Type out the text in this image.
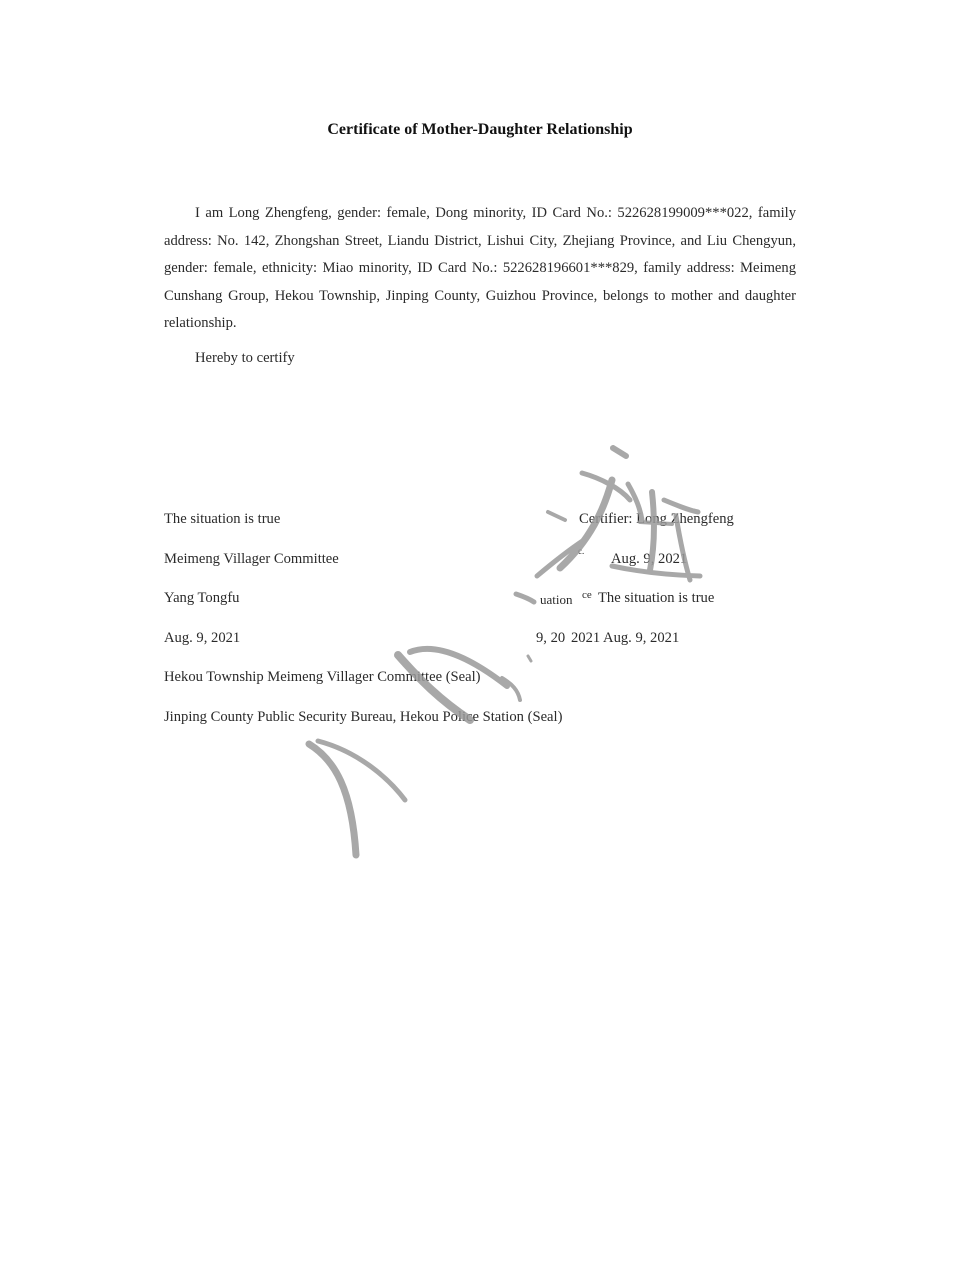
Certificate of Mother-Daughter Relationship

I am Long Zhengfeng, gender: female, Dong minority, ID Card No.: 522628199009***022, family address: No. 142, Zhongshan Street, Liandu District, Lishui City, Zhejiang Province, and Liu Chengyun, gender: female, ethnicity: Miao minority, ID Card No.: 522628196601***829, family address: Meimeng Cunshang Group, Hekou Township, Jinping County, Guizhou Province, belongs to mother and daughter relationship.

Hereby to certify
The situation is true
Meimeng Villager Committee
Yang Tongfu
Aug. 9, 2021
Hekou Township Meimeng Villager Committee (Seal)
Jinping County Public Security Bureau, Hekou Police Station (Seal)
Certifier: Long Zhengfeng
c. Aug. 9, 2021
uation ce The situation is true
9, 20 2021 Aug. 9, 2021
